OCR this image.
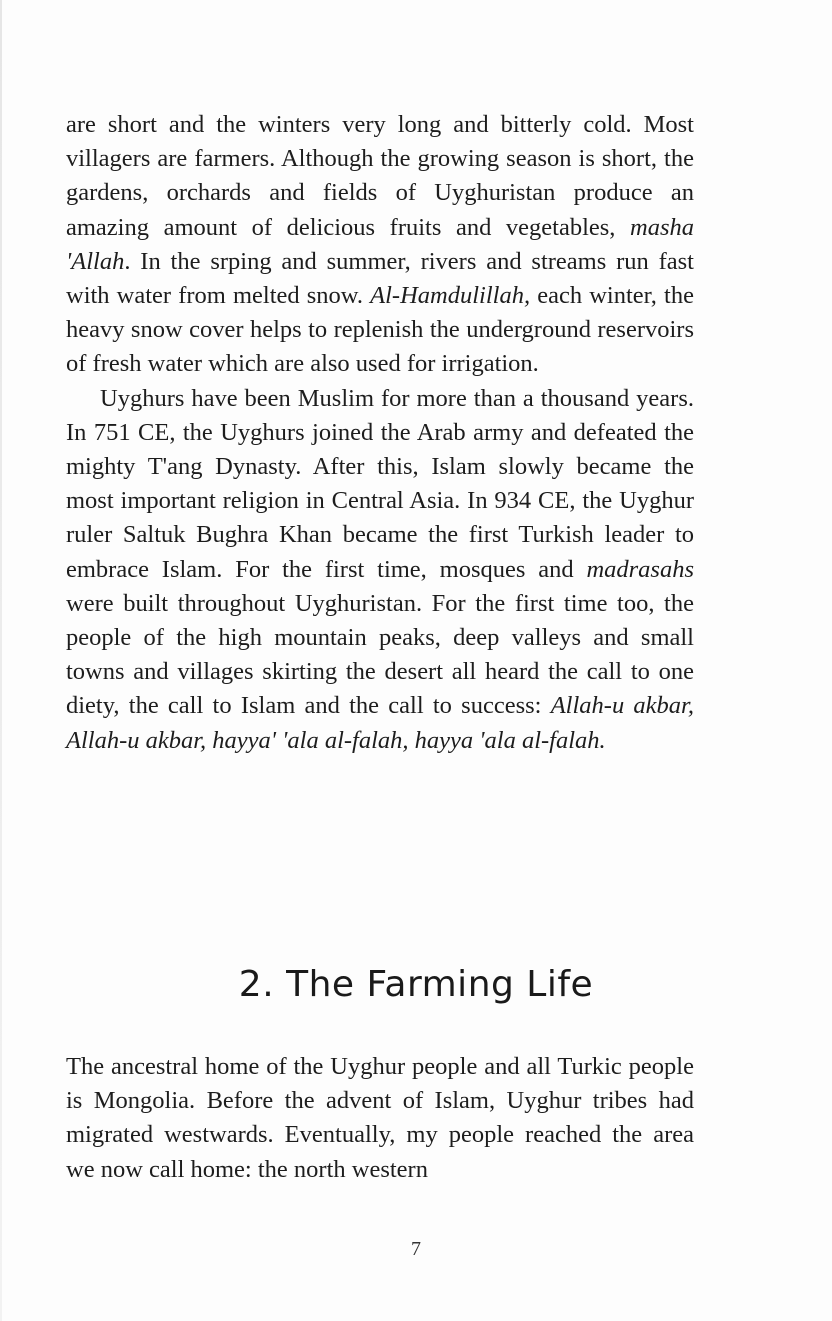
are short and the winters very long and bitterly cold. Most villagers are farmers. Although the growing season is short, the gardens, orchards and fields of Uyghuristan produce an amazing amount of delicious fruits and vegetables, masha 'Allah. In the srping and summer, rivers and streams run fast with water from melted snow. Al-Hamdulillah, each winter, the heavy snow cover helps to replenish the underground reservoirs of fresh water which are also used for irrigation.

Uyghurs have been Muslim for more than a thousand years. In 751 CE, the Uyghurs joined the Arab army and defeated the mighty T'ang Dynasty. After this, Islam slowly became the most important religion in Central Asia. In 934 CE, the Uyghur ruler Saltuk Bughra Khan became the first Turkish leader to embrace Islam. For the first time, mosques and madrasahs were built throughout Uyghuristan. For the first time too, the people of the high mountain peaks, deep valleys and small towns and villages skirting the desert all heard the call to one diety, the call to Islam and the call to success: Allah-u akbar, Allah-u akbar, hayya' 'ala al-falah, hayya 'ala al-falah.

2. The Farming Life

The ancestral home of the Uyghur people and all Turkic people is Mongolia. Before the advent of Islam, Uyghur tribes had migrated westwards. Eventually, my people reached the area we now call home: the north western

7
